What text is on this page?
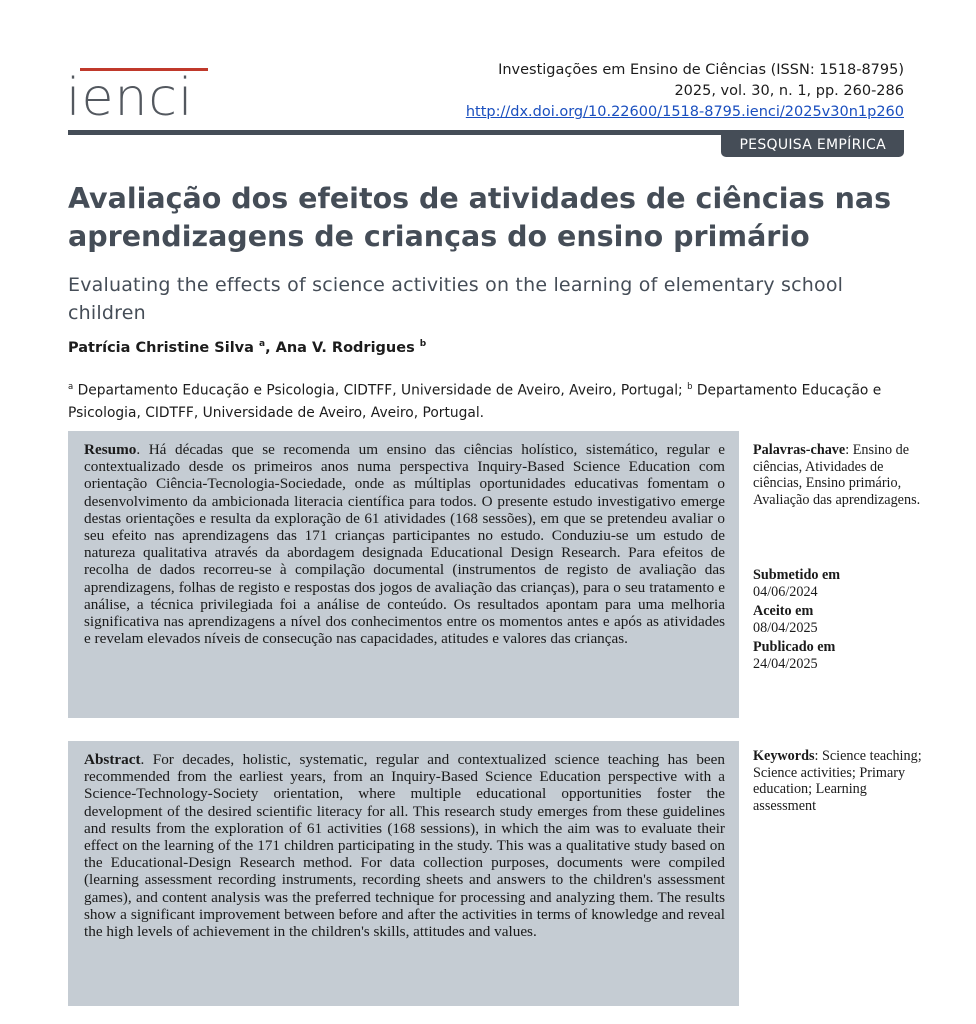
ienci	Investigações em Ensino de Ciências (ISSN: 1518-8795)
2025, vol. 30, n. 1, pp. 260-286
http://dx.doi.org/10.22600/1518-8795.ienci/2025v30n1p260
PESQUISA EMPÍRICA
Avaliação dos efeitos de atividades de ciências nas aprendizagens de crianças do ensino primário
Evaluating the effects of science activities on the learning of elementary school children
Patrícia Christine Silva $^a$, Ana V. Rodrigues $^b$
$^a$ Departamento Educação e Psicologia, CIDTFF, Universidade de Aveiro, Aveiro, Portugal; $^b$ Departamento Educação e Psicologia, CIDTFF, Universidade de Aveiro, Aveiro, Portugal.
Resumo. Há décadas que se recomenda um ensino das ciências holístico, sistemático, regular e contextualizado desde os primeiros anos numa perspectiva Inquiry-Based Science Education com orientação Ciência-Tecnologia-Sociedade, onde as múltiplas oportunidades educativas fomentam o desenvolvimento da ambicionada literacia científica para todos. O presente estudo investigativo emerge destas orientações e resulta da exploração de 61 atividades (168 sessões), em que se pretendeu avaliar o seu efeito nas aprendizagens das 171 crianças participantes no estudo. Conduziu-se um estudo de natureza qualitativa através da abordagem designada Educational Design Research. Para efeitos de recolha de dados recorreu-se à compilação documental (instrumentos de registo de avaliação das aprendizagens, folhas de registo e respostas dos jogos de avaliação das crianças), para o seu tratamento e análise, a técnica privilegiada foi a análise de conteúdo. Os resultados apontam para uma melhoria significativa nas aprendizagens a nível dos conhecimentos entre os momentos antes e após as atividades e revelam elevados níveis de consecução nas capacidades, atitudes e valores das crianças.
Palavras-chave: Ensino de ciências, Atividades de ciências, Ensino primário, Avaliação das aprendizagens.
Submetido em
04/06/2024
Aceito em
08/04/2025
Publicado em
24/04/2025
Abstract. For decades, holistic, systematic, regular and contextualized science teaching has been recommended from the earliest years, from an Inquiry-Based Science Education perspective with a Science-Technology-Society orientation, where multiple educational opportunities foster the development of the desired scientific literacy for all. This research study emerges from these guidelines and results from the exploration of 61 activities (168 sessions), in which the aim was to evaluate their effect on the learning of the 171 children participating in the study. This was a qualitative study based on the Educational-Design Research method. For data collection purposes, documents were compiled (learning assessment recording instruments, recording sheets and answers to the children's assessment games), and content analysis was the preferred technique for processing and analyzing them. The results show a significant improvement between before and after the activities in terms of knowledge and reveal the high levels of achievement in the children's skills, attitudes and values.
Keywords: Science teaching; Science activities; Primary education; Learning assessment
